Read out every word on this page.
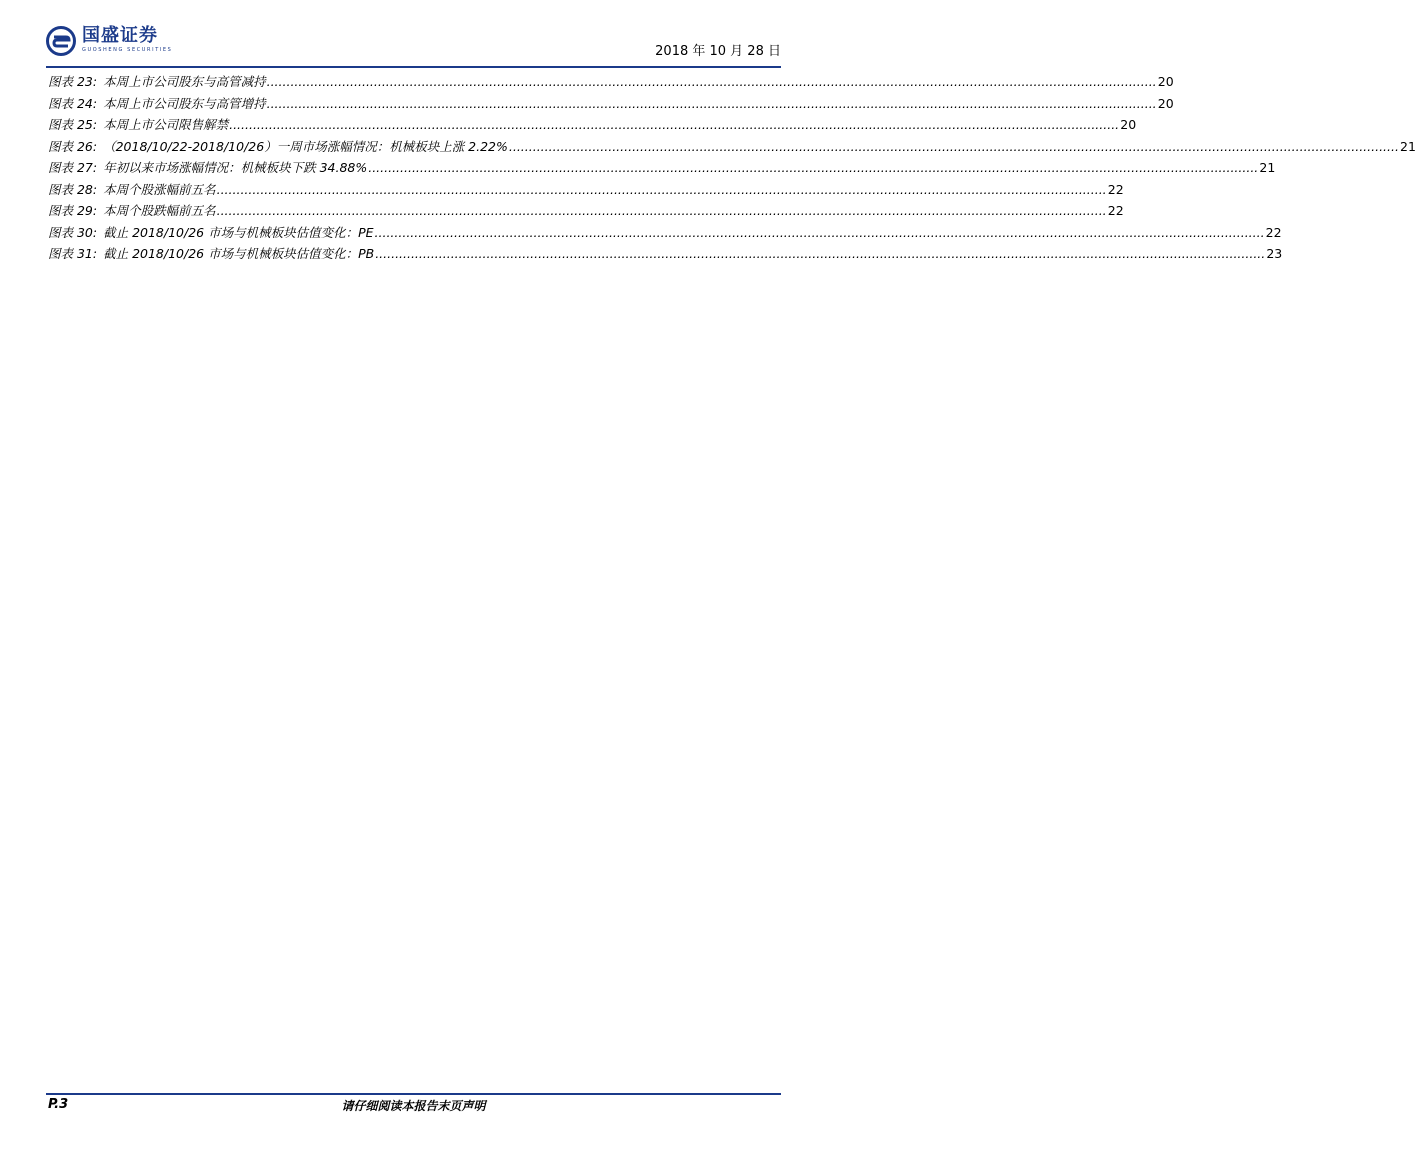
国盛证券
GUOSHENG SECURITIES	2018 年 10 月 28 日
图表 23: 本周上市公司股东与高管减持 .....	20
图表 24: 本周上市公司股东与高管增持 .....	20
图表 25: 本周上市公司限售解禁 .....	20
图表 26: （2018/10/22-2018/10/26）一周市场涨幅情况：机械板块上涨 2.22% .....	21
图表 27: 年初以来市场涨幅情况：机械板块下跌 34.88% .....	21
图表 28: 本周个股涨幅前五名 .....	22
图表 29: 本周个股跌幅前五名 .....	22
图表 30: 截止 2018/10/26 市场与机械板块估值变化：PE .....	22
图表 31: 截止 2018/10/26 市场与机械板块估值变化：PB .....	23
P.3	请仔细阅读本报告末页声明
